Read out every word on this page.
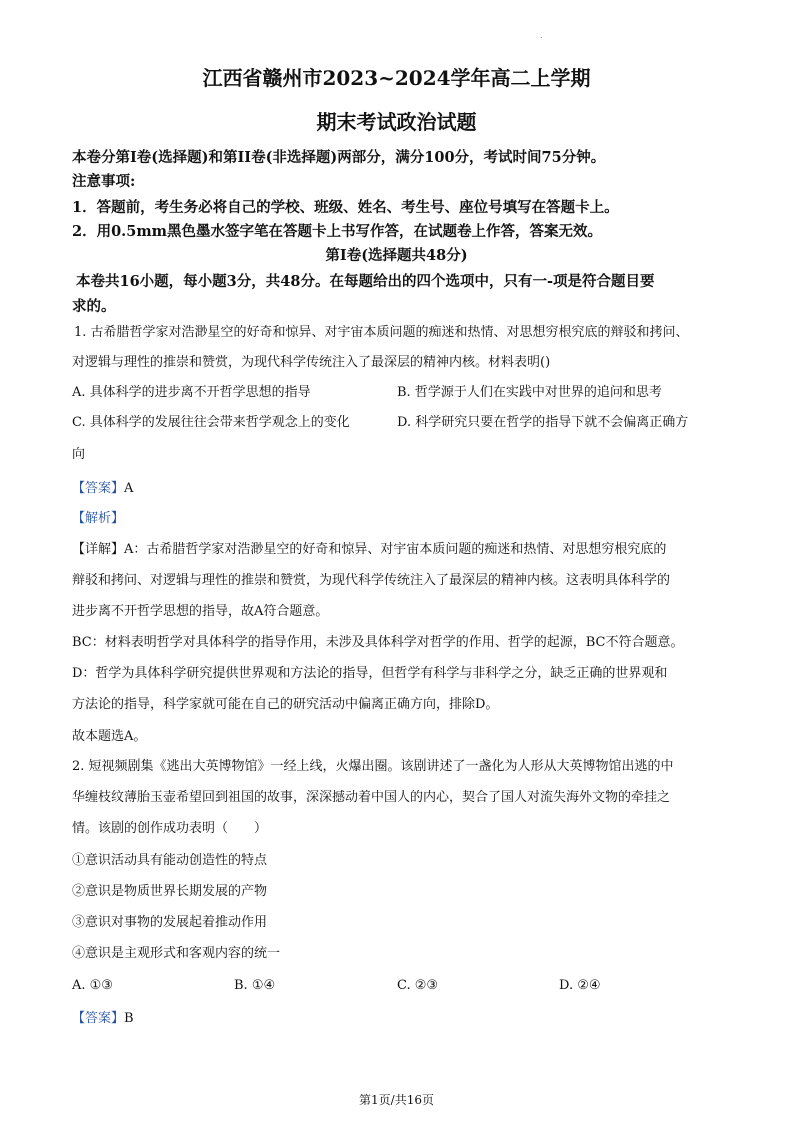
.
江西省赣州市2023~2024学年高二上学期
期末考试政治试题
本卷分第Ⅰ卷(选择题)和第II卷(非选择题)两部分，满分100分，考试时间75分钟。
注意事项:
1．答题前，考生务必将自己的学校、班级、姓名、考生号、座位号填写在答题卡上。
2．用0.5mm黑色墨水签字笔在答题卡上书写作答，在试题卷上作答，答案无效。
第Ⅰ卷(选择题共48分)
本卷共16小题，每小题3分，共48分。在每题给出的四个选项中，只有一-项是符合题目要
求的。
1. 古希腊哲学家对浩渺星空的好奇和惊异、对宇宙本质问题的痴迷和热情、对思想穷根究底的辩驳和拷问、
对逻辑与理性的推崇和赞赏，为现代科学传统注入了最深层的精神内核。材料表明()
A. 具体科学的进步离不开哲学思想的指导	B. 哲学源于人们在实践中对世界的追问和思考
C. 具体科学的发展往往会带来哲学观念上的变化	D. 科学研究只要在哲学的指导下就不会偏离正确方
向
【答案】A
【解析】
【详解】A：古希腊哲学家对浩渺星空的好奇和惊异、对宇宙本质问题的痴迷和热情、对思想穷根究底的
辩驳和拷问、对逻辑与理性的推崇和赞赏，为现代科学传统注入了最深层的精神内核。这表明具体科学的
进步离不开哲学思想的指导，故A符合题意。
BC：材料表明哲学对具体科学的指导作用，未涉及具体科学对哲学的作用、哲学的起源，BC不符合题意。
D：哲学为具体科学研究提供世界观和方法论的指导，但哲学有科学与非科学之分，缺乏正确的世界观和
方法论的指导，科学家就可能在自己的研究活动中偏离正确方向，排除D。
故本题选A。
2. 短视频剧集《逃出大英博物馆》一经上线，火爆出圈。该剧讲述了一盏化为人形从大英博物馆出逃的中
华缠枝纹薄胎玉壶希望回到祖国的故事，深深撼动着中国人的内心，契合了国人对流失海外文物的牵挂之
情。该剧的创作成功表明（　　）
①意识活动具有能动创造性的特点
②意识是物质世界长期发展的产物
③意识对事物的发展起着推动作用
④意识是主观形式和客观内容的统一
A. ①③	B. ①④	C. ②③	D. ②④
【答案】B
第1页/共16页
